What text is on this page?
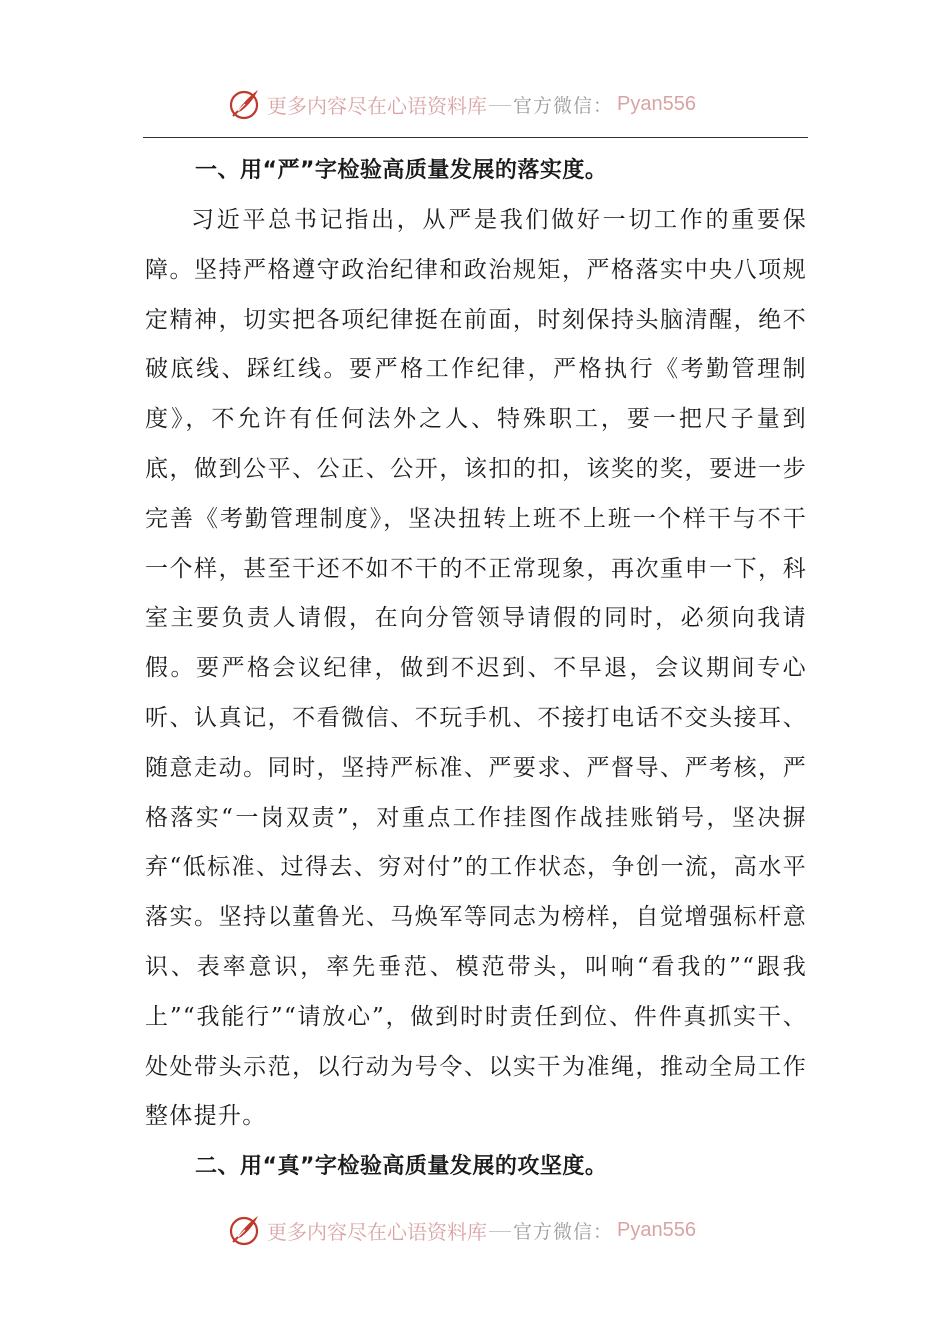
更多内容尽在心语资料库 官方微信： Pyan556
一、用“严”字检验高质量发展的落实度。

习近平总书记指出，从严是我们做好一切工作的重要保障。坚持严格遵守政治纪律和政治规矩，严格落实中央八项规定精神，切实把各项纪律挺在前面，时刻保持头脑清醒，绝不破底线、踩红线。要严格工作纪律，严格执行《考勤管理制度》，不允许有任何法外之人、特殊职工，要一把尺子量到底，做到公平、公正、公开，该扣的扣，该奖的奖，要进一步完善《考勤管理制度》，坚决扭转上班不上班一个样干与不干一个样，甚至干还不如不干的不正常现象，再次重申一下，科室主要负责人请假，在向分管领导请假的同时，必须向我请假。要严格会议纪律，做到不迟到、不早退，会议期间专心听、认真记，不看微信、不玩手机、不接打电话不交头接耳、随意走动。同时，坚持严标准、严要求、严督导、严考核，严格落实“一岗双责”，对重点工作挂图作战挂账销号，坚决摒弃“低标准、过得去、穷对付”的工作状态，争创一流，高水平落实。坚持以董鲁光、马焕军等同志为榜样，自觉增强标杆意识、表率意识，率先垂范、模范带头，叫响“看我的”“跟我上”“我能行”“请放心”，做到时时责任到位、件件真抓实干、处处带头示范，以行动为号令、以实干为准绳，推动全局工作整体提升。

二、用“真”字检验高质量发展的攻坚度。
更多内容尽在心语资料库 官方微信： Pyan556
